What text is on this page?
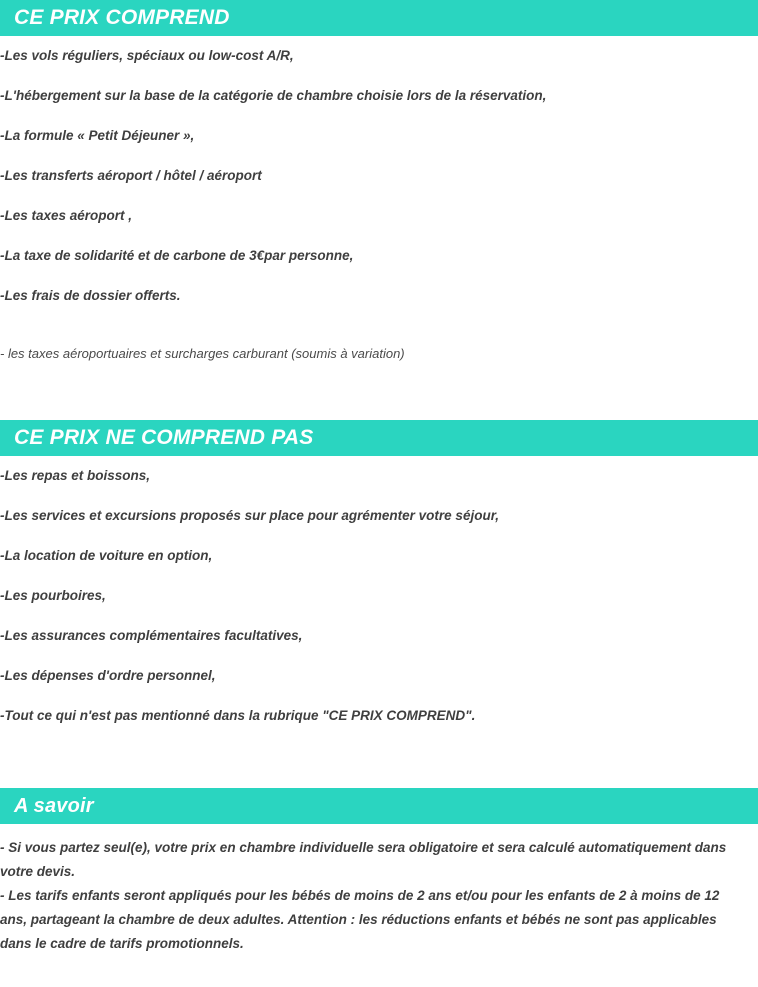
CE PRIX COMPREND

-Les vols réguliers, spéciaux ou low-cost A/R,

-L'hébergement sur la base de la catégorie de chambre choisie lors de la réservation,

-La formule « Petit Déjeuner »,

-Les transferts aéroport / hôtel / aéroport

-Les taxes aéroport ,

-La taxe de solidarité et de carbone de 3€par personne,

-Les frais de dossier offerts.

- les taxes aéroportuaires et surcharges carburant (soumis à variation)

CE PRIX NE COMPREND PAS

-Les repas et boissons,

-Les services et excursions proposés sur place pour agrémenter votre séjour,

-La location de voiture en option,

-Les pourboires,

-Les assurances complémentaires facultatives,

-Les dépenses d'ordre personnel,

-Tout ce qui n'est pas mentionné dans la rubrique "CE PRIX COMPREND".

A savoir

- Si vous partez seul(e), votre prix en chambre individuelle sera obligatoire et sera calculé automatiquement dans votre devis.

- Les tarifs enfants seront appliqués pour les bébés de moins de 2 ans et/ou pour les enfants de 2 à moins de 12 ans, partageant la chambre de deux adultes. Attention : les réductions enfants et bébés ne sont pas applicables dans le cadre de tarifs promotionnels.
